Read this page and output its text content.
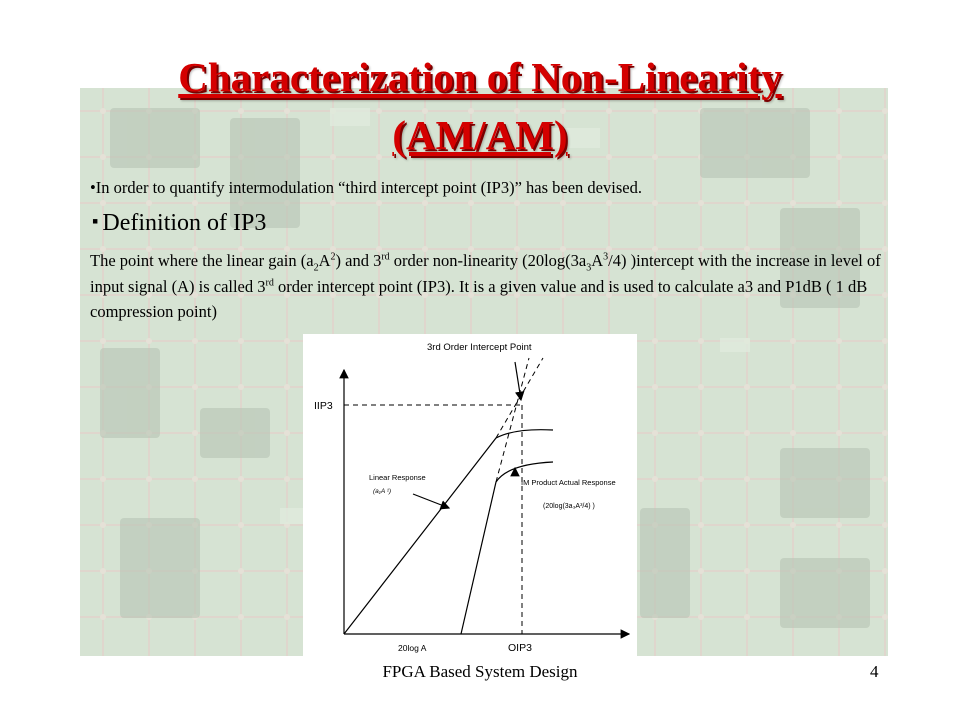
Characterization of Non-Linearity
(AM/AM)
•In order to quantify intermodulation “third intercept point (IP3)” has been devised.
▪ Definition of IP3

The point where the linear gain $(a_2A^2)$ and 3rd order non-linearity ($20\log(3a_3A^3/4)$ )intercept with the increase in level of input signal (A) is called 3rd order intercept point (IP3). It is a given value and is used to calculate a3 and P1dB ( 1 dB compression point)

3rd Order Intercept Point
IIP3
Linear Response
(a₁A ¹)
IM Product Actual Response
(20log(3a₃A³/4) )
20log A	OIP3
FPGA Based System Design	4
